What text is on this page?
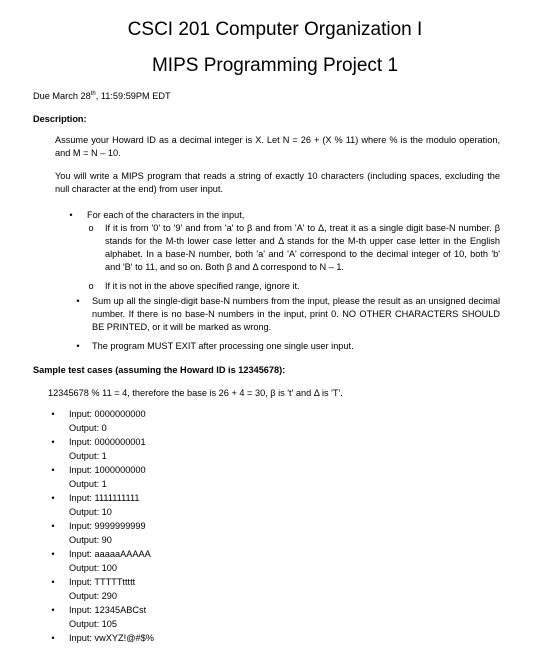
CSCI 201 Computer Organization I
MIPS Programming Project 1
Due March 28th, 11:59:59PM EDT
Description:
Assume your Howard ID as a decimal integer is X. Let N = 26 + (X % 11) where % is the modulo operation, and M = N – 10.
You will write a MIPS program that reads a string of exactly 10 characters (including spaces, excluding the null character at the end) from user input.
•	For each of the characters in the input,
o If it is from '0' to '9' and from 'a' to β and from 'A' to Δ, treat it as a single digit base-N number. β stands for the M-th lower case letter and Δ stands for the M-th upper case letter in the English alphabet. In a base-N number, both 'a' and 'A' correspond to the decimal integer of 10, both 'b' and 'B' to 11, and so on. Both β and Δ correspond to N – 1.
o If it is not in the above specified range, ignore it.
•	Sum up all the single-digit base-N numbers from the input, please the result as an unsigned decimal number. If there is no base-N numbers in the input, print 0. NO OTHER CHARACTERS SHOULD BE PRINTED, or it will be marked as wrong.
•	The program MUST EXIT after processing one single user input.
Sample test cases (assuming the Howard ID is 12345678):
12345678 % 11 = 4, therefore the base is 26 + 4 = 30, β is 't' and Δ is 'T'.
•	Input: 0000000000
Output: 0
•	Input: 0000000001
Output: 1
•	Input: 1000000000
Output: 1
•	Input: 1111111111
Output: 10
•	Input: 9999999999
Output: 90
•	Input: aaaaaAAAAA
Output: 100
•	Input: TTTTTttttt
Output: 290
•	Input: 12345ABCst
Output: 105
•	Input: vwXYZ!@#$%
